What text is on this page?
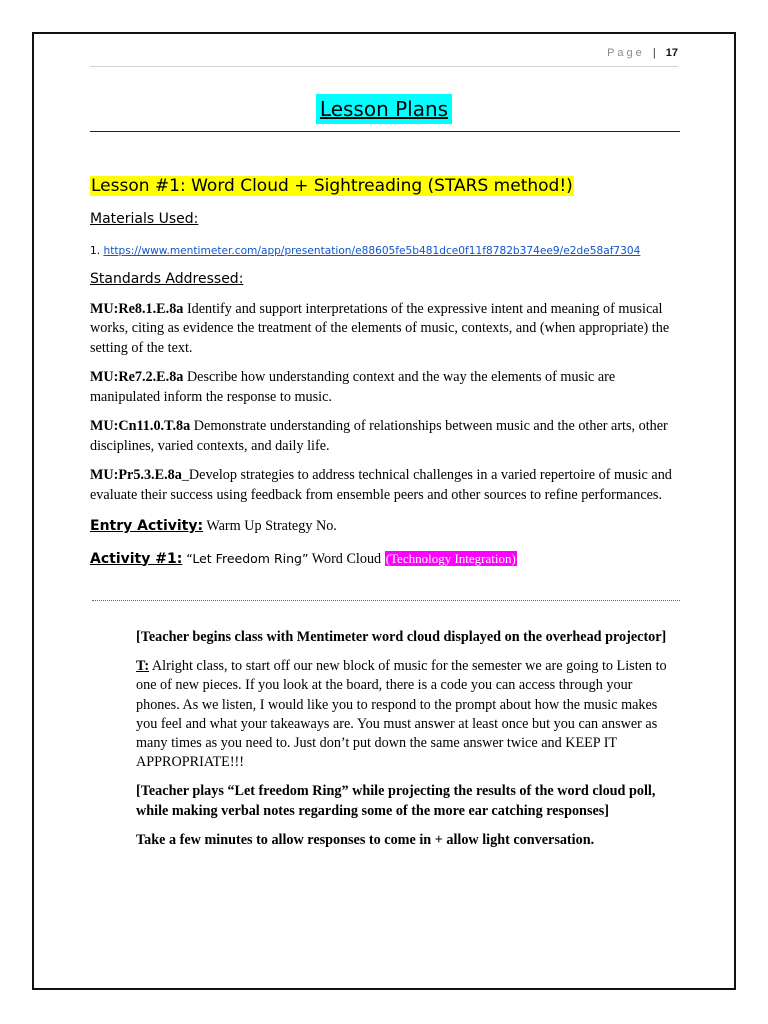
Page | 17
Lesson Plans
Lesson #1: Word Cloud + Sightreading (STARS method!)

Materials Used:

1. https://www.mentimeter.com/app/presentation/e88605fe5b481dce0f11f8782b374ee9/e2de58af7304

Standards Addressed:

MU:Re8.1.E.8a Identify and support interpretations of the expressive intent and meaning of musical works, citing as evidence the treatment of the elements of music, contexts, and (when appropriate) the setting of the text.

MU:Re7.2.E.8a Describe how understanding context and the way the elements of music are manipulated inform the response to music.

MU:Cn11.0.T.8a Demonstrate understanding of relationships between music and the other arts, other disciplines, varied contexts, and daily life.

MU:Pr5.3.E.8a_Develop strategies to address technical challenges in a varied repertoire of music and evaluate their success using feedback from ensemble peers and other sources to refine performances.

Entry Activity: Warm Up Strategy No.

Activity #1: “Let Freedom Ring” Word Cloud (Technology Integration)

[Teacher begins class with Mentimeter word cloud displayed on the overhead projector]

T: Alright class, to start off our new block of music for the semester we are going to Listen to one of new pieces. If you look at the board, there is a code you can access through your phones. As we listen, I would like you to respond to the prompt about how the music makes you feel and what your takeaways are. You must answer at least once but you can answer as many times as you need to. Just don’t put down the same answer twice and KEEP IT APPROPRIATE!!!

[Teacher plays “Let freedom Ring” while projecting the results of the word cloud poll, while making verbal notes regarding some of the more ear catching responses]

Take a few minutes to allow responses to come in + allow light conversation.
